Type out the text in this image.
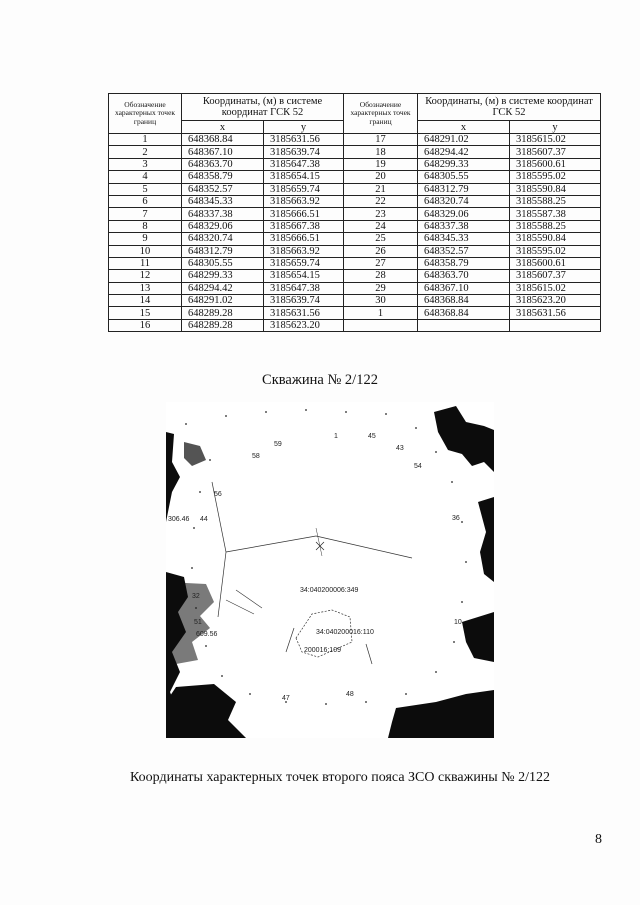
Обозначение характерных точек границ	Координаты, (м) в системе координат ГСК 52		Обозначение характерных точек границ	Координаты, (м) в системе координат ГСК 52	
	x	y		x	y
1	648368.84	3185631.56	17	648291.02	3185615.02
2	648367.10	3185639.74	18	648294.42	3185607.37
3	648363.70	3185647.38	19	648299.33	3185600.61
4	648358.79	3185654.15	20	648305.55	3185595.02
5	648352.57	3185659.74	21	648312.79	3185590.84
6	648345.33	3185663.92	22	648320.74	3185588.25
7	648337.38	3185666.51	23	648329.06	3185587.38
8	648329.06	3185667.38	24	648337.38	3185588.25
9	648320.74	3185666.51	25	648345.33	3185590.84
10	648312.79	3185663.92	26	648352.57	3185595.02
11	648305.55	3185659.74	27	648358.79	3185600.61
12	648299.33	3185654.15	28	648363.70	3185607.37
13	648294.42	3185647.38	29	648367.10	3185615.02
14	648291.02	3185639.74	30	648368.84	3185623.20
15	648289.28	3185631.56	1	648368.84	3185631.56
16	648289.28	3185623.20			
Скважина № 2/122
306.46 44
56
58
59
1	45
43
54
36
34:040200006:349
34:040200016:110
200016:109
609.56
51
32
47
48
10
Координаты характерных точек второго пояса ЗСО скважины № 2/122
8
